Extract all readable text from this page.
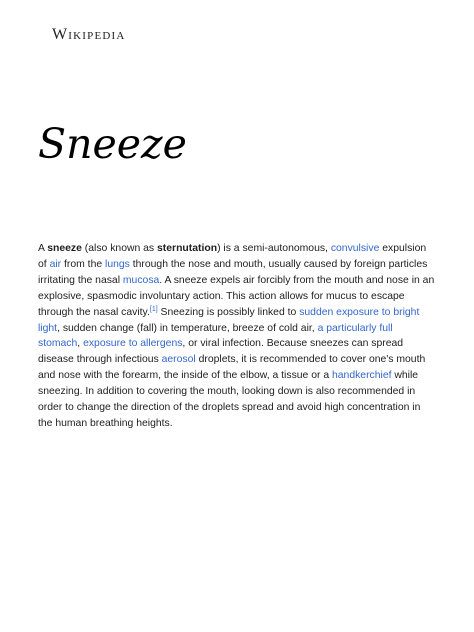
Wikipedia
Sneeze

A sneeze (also known as sternutation) is a semi-autonomous, convulsive expulsion of air from the lungs through the nose and mouth, usually caused by foreign particles irritating the nasal mucosa. A sneeze expels air forcibly from the mouth and nose in an explosive, spasmodic involuntary action. This action allows for mucus to escape through the nasal cavity.[1] Sneezing is possibly linked to sudden exposure to bright light, sudden change (fall) in temperature, breeze of cold air, a particularly full stomach, exposure to allergens, or viral infection. Because sneezes can spread disease through infectious aerosol droplets, it is recommended to cover one's mouth and nose with the forearm, the inside of the elbow, a tissue or a handkerchief while sneezing. In addition to covering the mouth, looking down is also recommended in order to change the direction of the droplets spread and avoid high concentration in the human breathing heights.
